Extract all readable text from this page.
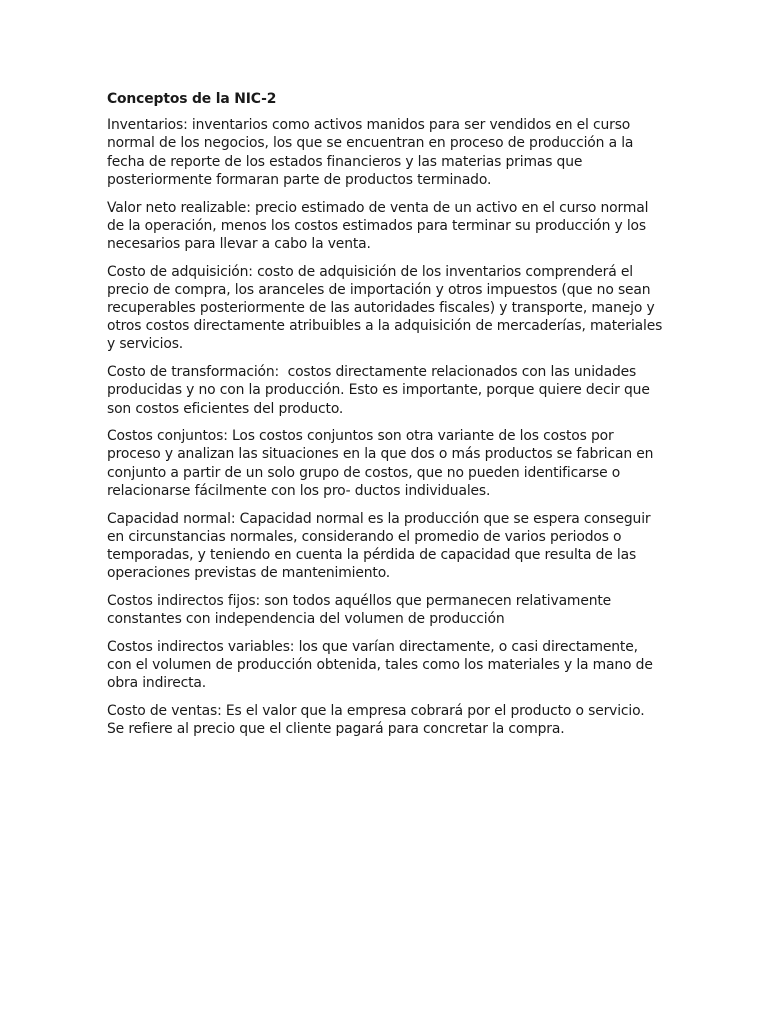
Conceptos de la NIC-2
Inventarios: inventarios como activos manidos para ser vendidos en el curso normal de los negocios, los que se encuentran en proceso de producción a la fecha de reporte de los estados financieros y las materias primas que posteriormente formaran parte de productos terminado.
Valor neto realizable: precio estimado de venta de un activo en el curso normal de la operación, menos los costos estimados para terminar su producción y los necesarios para llevar a cabo la venta.
Costo de adquisición: costo de adquisición de los inventarios comprenderá el precio de compra, los aranceles de importación y otros impuestos (que no sean recuperables posteriormente de las autoridades fiscales) y transporte, manejo y otros costos directamente atribuibles a la adquisición de mercaderías, materiales y servicios.
Costo de transformación:  costos directamente relacionados con las unidades producidas y no con la producción. Esto es importante, porque quiere decir que son costos eficientes del producto.
Costos conjuntos: Los costos conjuntos son otra variante de los costos por proceso y analizan las situaciones en la que dos o más productos se fabrican en conjunto a partir de un solo grupo de costos, que no pueden identificarse o relacionarse fácilmente con los pro- ductos individuales.
Capacidad normal: Capacidad normal es la producción que se espera conseguir en circunstancias normales, considerando el promedio de varios periodos o temporadas, y teniendo en cuenta la pérdida de capacidad que resulta de las operaciones previstas de mantenimiento.
Costos indirectos fijos: son todos aquéllos que permanecen relativamente constantes con independencia del volumen de producción
Costos indirectos variables: los que varían directamente, o casi directamente, con el volumen de producción obtenida, tales como los materiales y la mano de obra indirecta.
Costo de ventas: Es el valor que la empresa cobrará por el producto o servicio. Se refiere al precio que el cliente pagará para concretar la compra.
